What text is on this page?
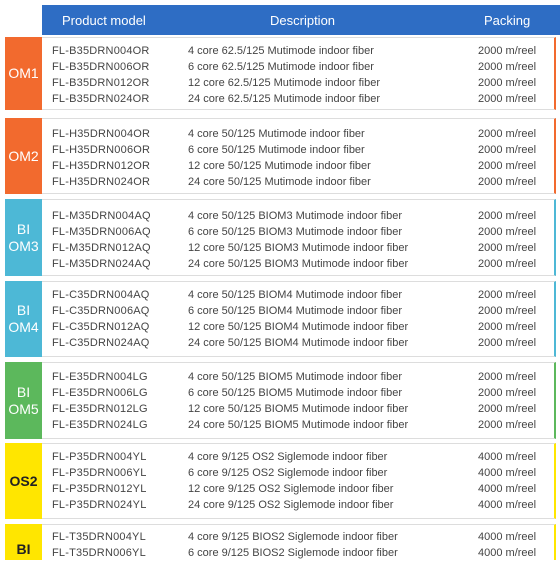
Product model	Description	Packing
OM1
FL-B35DRN004OR	4 core 62.5/125 Mutimode indoor fiber	2000 m/reel
FL-B35DRN006OR	6 core 62.5/125 Mutimode indoor fiber	2000 m/reel
FL-B35DRN012OR	12 core 62.5/125 Mutimode indoor fiber	2000 m/reel
FL-B35DRN024OR	24 core 62.5/125 Mutimode indoor fiber	2000 m/reel
OM2
FL-H35DRN004OR	4 core 50/125 Mutimode indoor fiber	2000 m/reel
FL-H35DRN006OR	6 core 50/125 Mutimode indoor fiber	2000 m/reel
FL-H35DRN012OR	12 core 50/125 Mutimode indoor fiber	2000 m/reel
FL-H35DRN024OR	24 core 50/125 Mutimode indoor fiber	2000 m/reel
BI
OM3
FL-M35DRN004AQ	4 core 50/125 BIOM3 Mutimode indoor fiber	2000 m/reel
FL-M35DRN006AQ	6 core 50/125 BIOM3 Mutimode indoor fiber	2000 m/reel
FL-M35DRN012AQ	12 core 50/125 BIOM3 Mutimode indoor fiber	2000 m/reel
FL-M35DRN024AQ	24 core 50/125 BIOM3 Mutimode indoor fiber	2000 m/reel
BI
OM4
FL-C35DRN004AQ	4 core 50/125 BIOM4 Mutimode indoor fiber	2000 m/reel
FL-C35DRN006AQ	6 core 50/125 BIOM4 Mutimode indoor fiber	2000 m/reel
FL-C35DRN012AQ	12 core 50/125 BIOM4 Mutimode indoor fiber	2000 m/reel
FL-C35DRN024AQ	24 core 50/125 BIOM4 Mutimode indoor fiber	2000 m/reel
BI
OM5
FL-E35DRN004LG	4 core 50/125 BIOM5 Mutimode indoor fiber	2000 m/reel
FL-E35DRN006LG	6 core 50/125 BIOM5 Mutimode indoor fiber	2000 m/reel
FL-E35DRN012LG	12 core 50/125 BIOM5 Mutimode indoor fiber	2000 m/reel
FL-E35DRN024LG	24 core 50/125 BIOM5 Mutimode indoor fiber	2000 m/reel
OS2
FL-P35DRN004YL	4 core 9/125 OS2 Siglemode indoor fiber	4000 m/reel
FL-P35DRN006YL	6 core 9/125 OS2 Siglemode indoor fiber	4000 m/reel
FL-P35DRN012YL	12 core 9/125 OS2 Siglemode indoor fiber	4000 m/reel
FL-P35DRN024YL	24 core 9/125 OS2 Siglemode indoor fiber	4000 m/reel
BI
FL-T35DRN004YL	4 core 9/125 BIOS2 Siglemode indoor fiber	4000 m/reel
FL-T35DRN006YL	6 core 9/125 BIOS2 Siglemode indoor fiber	4000 m/reel
